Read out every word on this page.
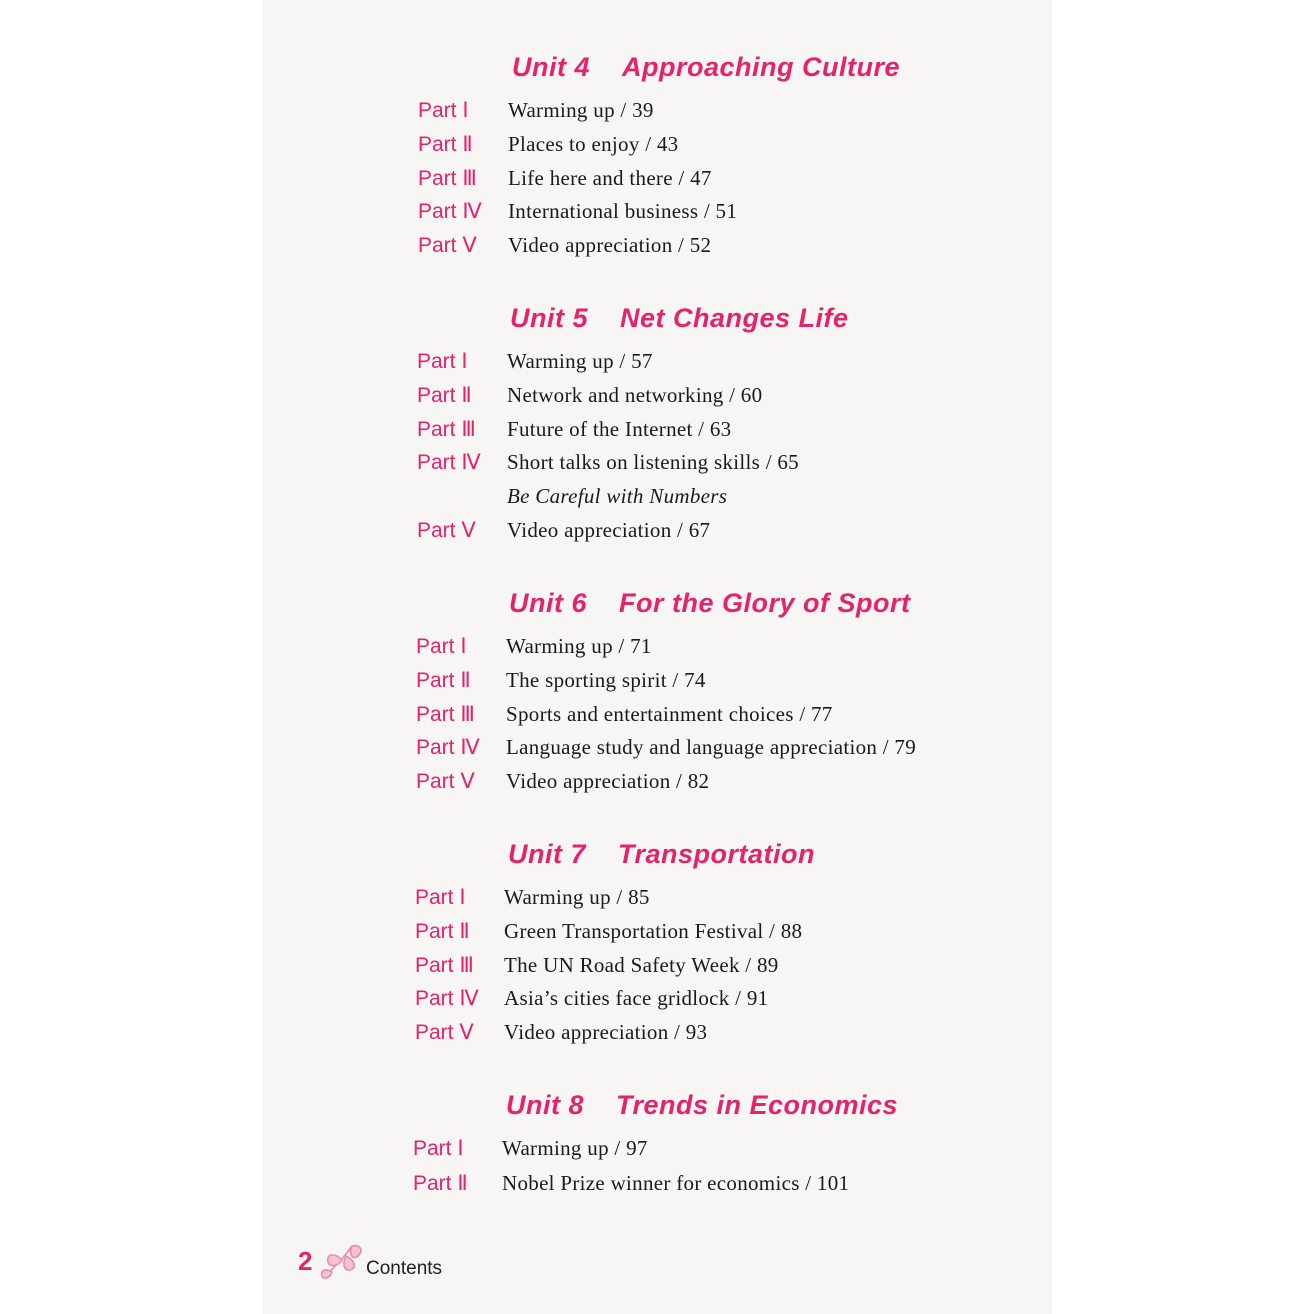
Unit 4 Approaching Culture
Part Ⅰ Warming up / 39
Part Ⅱ Places to enjoy / 43
Part Ⅲ Life here and there / 47
Part Ⅳ International business / 51
Part Ⅴ Video appreciation / 52
Unit 5 Net Changes Life
Part Ⅰ Warming up / 57
Part Ⅱ Network and networking / 60
Part Ⅲ Future of the Internet / 63
Part Ⅳ Short talks on listening skills / 65
Be Careful with Numbers
Part Ⅴ Video appreciation / 67
Unit 6 For the Glory of Sport
Part Ⅰ Warming up / 71
Part Ⅱ The sporting spirit / 74
Part Ⅲ Sports and entertainment choices / 77
Part Ⅳ Language study and language appreciation / 79
Part Ⅴ Video appreciation / 82
Unit 7 Transportation
Part Ⅰ Warming up / 85
Part Ⅱ Green Transportation Festival / 88
Part Ⅲ The UN Road Safety Week / 89
Part Ⅳ Asia’s cities face gridlock / 91
Part Ⅴ Video appreciation / 93
Unit 8 Trends in Economics
Part Ⅰ Warming up / 97
Part Ⅱ Nobel Prize winner for economics / 101
2	Contents
